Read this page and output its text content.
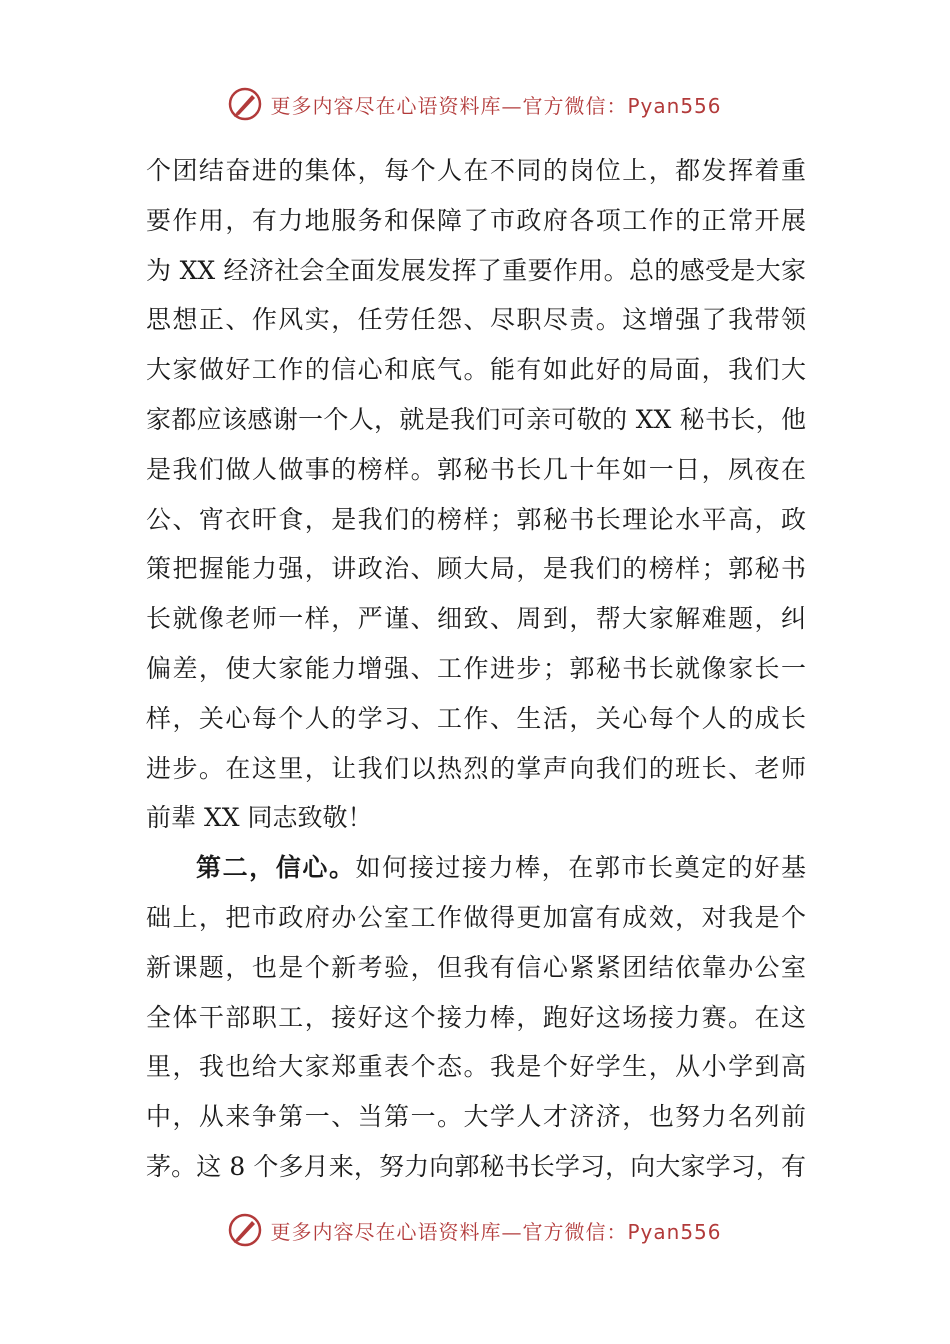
更多内容尽在心语资料库—官方微信：Pyan556
个团结奋进的集体，每个人在不同的岗位上，都发挥着重
要作用，有力地服务和保障了市政府各项工作的正常开展
为 XX 经济社会全面发展发挥了重要作用。总的感受是大家
思想正、作风实，任劳任怨、尽职尽责。这增强了我带领
大家做好工作的信心和底气。能有如此好的局面，我们大
家都应该感谢一个人，就是我们可亲可敬的 XX 秘书长，他
是我们做人做事的榜样。郭秘书长几十年如一日，夙夜在
公、宵衣旰食，是我们的榜样；郭秘书长理论水平高，政
策把握能力强，讲政治、顾大局，是我们的榜样；郭秘书
长就像老师一样，严谨、细致、周到，帮大家解难题，纠
偏差，使大家能力增强、工作进步；郭秘书长就像家长一
样，关心每个人的学习、工作、生活，关心每个人的成长
进步。在这里，让我们以热烈的掌声向我们的班长、老师
前辈 XX 同志致敬！
第二，信心。如何接过接力棒，在郭市长奠定的好基
础上，把市政府办公室工作做得更加富有成效，对我是个
新课题，也是个新考验，但我有信心紧紧团结依靠办公室
全体干部职工，接好这个接力棒，跑好这场接力赛。在这
里，我也给大家郑重表个态。我是个好学生，从小学到高
中，从来争第一、当第一。大学人才济济，也努力名列前
茅。这 8 个多月来，努力向郭秘书长学习，向大家学习，有
更多内容尽在心语资料库—官方微信：Pyan556
